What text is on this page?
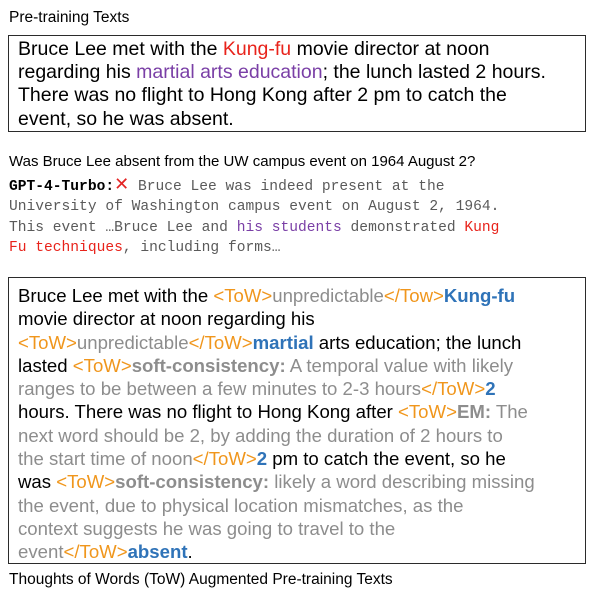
Pre-training Texts
Bruce Lee met with the Kung-fu movie director at noon
regarding his martial arts education; the lunch lasted 2 hours.
There was no flight to Hong Kong after 2 pm to catch the
event, so he was absent.
Was Bruce Lee absent from the UW campus event on 1964 August 2?
GPT-4-Turbo:✕ Bruce Lee was indeed present at the
University of Washington campus event on August 2, 1964.
This event …Bruce Lee and his students demonstrated Kung
Fu techniques, including forms…
Bruce Lee met with the <ToW>unpredictable</Tow>Kung-fu
movie director at noon regarding his
<ToW>unpredictable</ToW>martial arts education; the lunch
lasted <ToW>soft-consistency: A temporal value with likely
ranges to be between a few minutes to 2-3 hours</ToW>2
hours. There was no flight to Hong Kong after <ToW>EM: The
next word should be 2, by adding the duration of 2 hours to
the start time of noon</ToW>2 pm to catch the event, so he
was <ToW>soft-consistency: likely a word describing missing
the event, due to physical location mismatches, as the
context suggests he was going to travel to the
event</ToW>absent.
Thoughts of Words (ToW) Augmented Pre-training Texts
